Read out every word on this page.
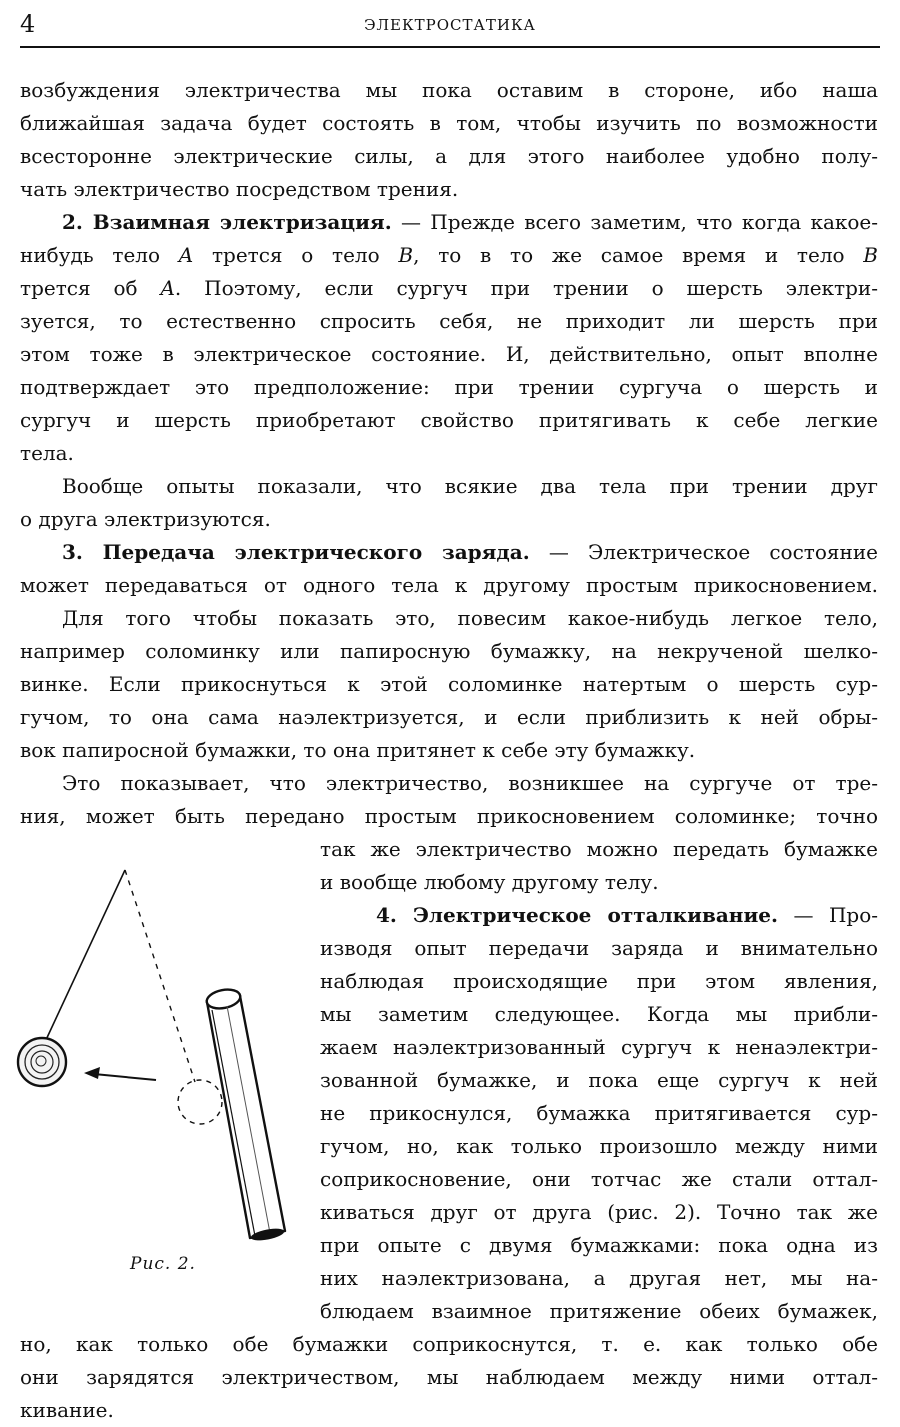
4	ЭЛЕКТРОСТАТИКА
возбуждения электричества мы пока оставим в стороне, ибо наша
ближайшая задача будет состоять в том, чтобы изучить по возможности
всесторонне электрические силы, а для этого наиболее удобно полу-
чать электричество посредством трения.
2. Взаимная электризация. — Прежде всего заметим, что когда какое-
нибудь тело A трется о тело B, то в то же самое время и тело B
трется об A. Поэтому, если сургуч при трении о шерсть электри-
зуется, то естественно спросить себя, не приходит ли шерсть при
этом тоже в электрическое состояние. И, действительно, опыт вполне
подтверждает это предположение: при трении сургуча о шерсть и
сургуч и шерсть приобретают свойство притягивать к себе легкие
тела.
Вообще опыты показали, что всякие два тела при трении друг
о друга электризуются.
3. Передача электрического заряда. — Электрическое состояние
может передаваться от одного тела к другому простым прикосновением.
Для того чтобы показать это, повесим какое-нибудь легкое тело,
например соломинку или папиросную бумажку, на некрученой шелко-
винке. Если прикоснуться к этой соломинке натертым о шерсть сур-
гучом, то она сама наэлектризуется, и если приблизить к ней обры-
вок папиросной бумажки, то она притянет к себе эту бумажку.
Это показывает, что электричество, возникшее на сургуче от тре-
ния, может быть передано простым прикосновением соломинке; точно
так же электричество можно передать бумажке
и вообще любому другому телу.
4. Электрическое отталкивание. — Про-
изводя опыт передачи заряда и внимательно
наблюдая происходящие при этом явления,
мы заметим следующее. Когда мы прибли-
жаем наэлектризованный сургуч к ненаэлектри-
зованной бумажке, и пока еще сургуч к ней
не прикоснулся, бумажка притягивается сур-
гучом, но, как только произошло между ними
соприкосновение, они тотчас же стали оттал-
киваться друг от друга (рис. 2). Точно так же
при опыте с двумя бумажками: пока одна из
них наэлектризована, а другая нет, мы на-
блюдаем взаимное притяжение обеих бумажек,
но, как только обе бумажки соприкоснутся, т. е. как только обе
они зарядятся электричеством, мы наблюдаем между ними оттал-
кивание.
Рис. 2.
